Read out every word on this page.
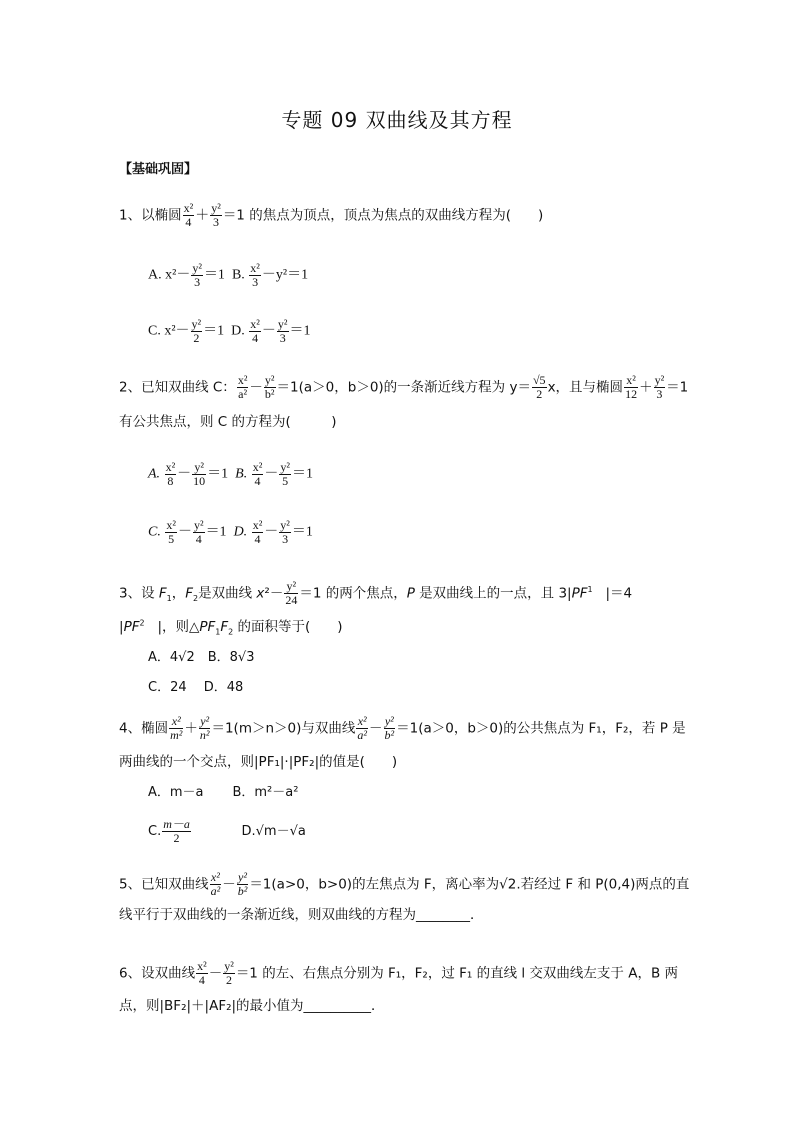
专题 09 双曲线及其方程
【基础巩固】
1、以椭圆 $\frac{\text{x²}}{4} + \frac{\text{y²}}{3} =1$ 的焦点为顶点，顶点为焦点的双曲线方程为(　　)
A. $x^2- \frac{\text{y²}}{3} =1$ B. $\frac{\text{x²}}{3} -y^2=1$
C. $x^2- \frac{\text{y²}}{2} =1$ D. $\frac{\text{x²}}{4} - \frac{\text{y²}}{3} =1$
2、已知双曲线 C： $\frac{\text{x²}}{\text{a²}} - \frac{\text{y²}}{\text{b²}} =1(a>0$，b＞0)的一条渐近线方程为 $y= \frac{√5}{2}$ x，且与椭圆 $\frac{\text{x²}}{12} + \frac{\text{y²}}{3} =1$
有公共焦点，则 C 的方程为(　　　)
A. $\frac{\text{x²}}{8} - \frac{\text{y²}}{10} =1$  B. $\frac{\text{x²}}{4} - \frac{\text{y²}}{5} =1$
C. $\frac{\text{x²}}{5} - \frac{\text{y²}}{4} =1$  D. $\frac{\text{x²}}{4} - \frac{\text{y²}}{3} =1$
3、设 $F_1$，$F_2$是双曲线 $x^2- \frac{\text{y²}}{24} =1$ 的两个焦点，P 是双曲线上的一点，且 $3|PF^1$ |＝4
$|PF^2$ |，则$\triangle PF_1F_2$ 的面积等于(　　)
A．4√2　B．8√3
C．24　 D．48
4、椭圆 $\frac{\text{x²}}{\text{m²}} + \frac{\text{y²}}{\text{n²}} =1(m>n>0)$与双曲线 $\frac{\text{x²}}{\text{a²}} - \frac{\text{y²}}{\text{b²}} =1(a>0$，b＞0)的公共焦点为 F₁，F₂，若 P 是
两曲线的一个交点，则|PF₁|·|PF₂|的值是(　　)
A．m－a B．m²－a²
C. $\frac{m-a}{2}$	D.√m－√a
5、已知双曲线 $\frac{\text{x²}}{\text{a²}} - \frac{\text{y²}}{\text{b²}} =1(a>0$，b>0)的左焦点为 F，离心率为√2.若经过 F 和 P(0,4)两点的直
线平行于双曲线的一条渐近线，则双曲线的方程为________．
6、设双曲线 $\frac{\text{x²}}{4} - \frac{\text{y²}}{2} =1$ 的左、右焦点分别为 F₁，F₂，过 F₁ 的直线 l 交双曲线左支于 A，B 两
点，则|BF₂|＋|AF₂|的最小值为__________．
